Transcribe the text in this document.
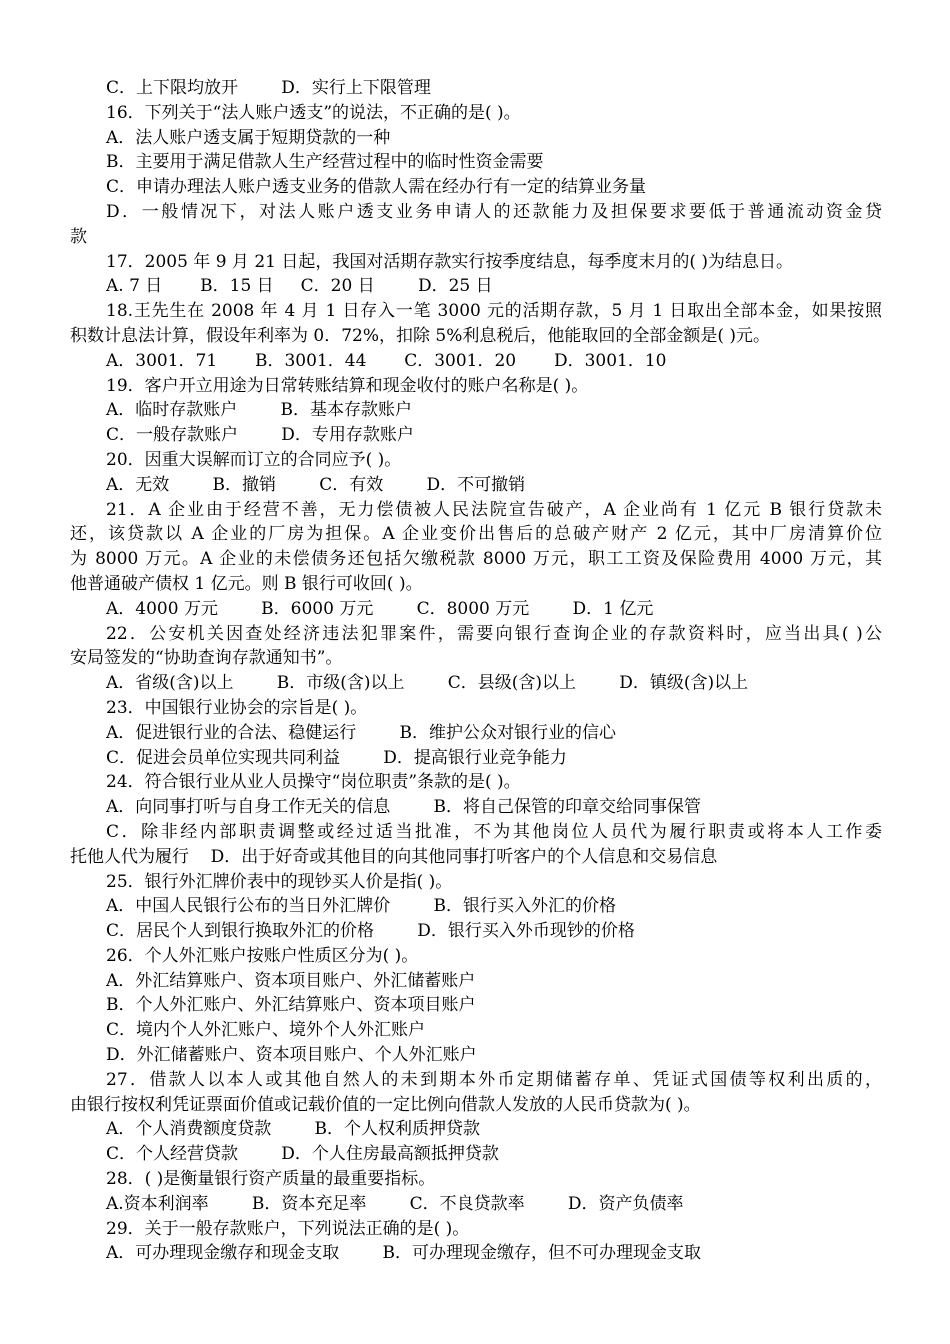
C．上下限均放开        D．实行上下限管理
16．下列关于“法人账户透支”的说法，不正确的是( )。
A．法人账户透支属于短期贷款的一种
B．主要用于满足借款人生产经营过程中的临时性资金需要
C．申请办理法人账户透支业务的借款人需在经办行有一定的结算业务量
D．一般情况下，对法人账户透支业务申请人的还款能力及担保要求要低于普通流动资金贷
款
17．2005 年 9 月 21 日起，我国对活期存款实行按季度结息，每季度末月的( )为结息日。
A. 7 日       B．15 日     C．20 日        D．25 日
18.王先生在 2008 年 4 月 1 日存入一笔 3000 元的活期存款，5 月 1 日取出全部本金，如果按照
积数计息法计算，假设年利率为 0．72%，扣除 5%利息税后，他能取回的全部金额是( )元。
A．3001．71       B．3001．44       C．3001．20       D．3001．10
19．客户开立用途为日常转账结算和现金收付的账户名称是( )。
A．临时存款账户        B．基本存款账户
C．一般存款账户        D．专用存款账户
20．因重大误解而订立的合同应予( )。
A．无效        B．撤销        C．有效        D．不可撤销
21．A 企业由于经营不善，无力偿债被人民法院宣告破产，A 企业尚有 1 亿元 B 银行贷款未
还，该贷款以 A 企业的厂房为担保。A 企业变价出售后的总破产财产 2 亿元，其中厂房清算价位
为 8000 万元。A 企业的未偿债务还包括欠缴税款 8000 万元，职工工资及保险费用 4000 万元，其
他普通破产债权 1 亿元。则 B 银行可收回( )。
A．4000 万元        B．6000 万元        C．8000 万元        D．1 亿元
22．公安机关因查处经济违法犯罪案件，需要向银行查询企业的存款资料时，应当出具( )公
安局签发的“协助查询存款通知书”。
A．省级(含)以上        B．市级(含)以上        C．县级(含)以上        D．镇级(含)以上
23．中国银行业协会的宗旨是( )。
A．促进银行业的合法、稳健运行        B．维护公众对银行业的信心
C．促进会员单位实现共同利益        D．提高银行业竞争能力
24．符合银行业从业人员操守“岗位职责”条款的是( )。
A．向同事打听与自身工作无关的信息        B．将自己保管的印章交给同事保管
C．除非经内部职责调整或经过适当批准，不为其他岗位人员代为履行职责或将本人工作委
托他人代为履行    D．出于好奇或其他目的向其他同事打听客户的个人信息和交易信息
25．银行外汇牌价表中的现钞买人价是指( )。
A．中国人民银行公布的当日外汇牌价        B．银行买入外汇的价格
C．居民个人到银行换取外汇的价格        D．银行买入外币现钞的价格
26．个人外汇账户按账户性质区分为( )。
A．外汇结算账户、资本项目账户、外汇储蓄账户
B．个人外汇账户、外汇结算账户、资本项目账户
C．境内个人外汇账户、境外个人外汇账户
D．外汇储蓄账户、资本项目账户、个人外汇账户
27．借款人以本人或其他自然人的未到期本外币定期储蓄存单、凭证式国债等权利出质的，
由银行按权利凭证票面价值或记载价值的一定比例向借款人发放的人民币贷款为( )。
A．个人消费额度贷款        B．个人权利质押贷款
C．个人经营贷款        D．个人住房最高额抵押贷款
28．( )是衡量银行资产质量的最重要指标。
A.资本利润率        B．资本充足率        C．不良贷款率        D．资产负债率
29．关于一般存款账户，下列说法正确的是( )。
A．可办理现金缴存和现金支取        B．可办理现金缴存，但不可办理现金支取
